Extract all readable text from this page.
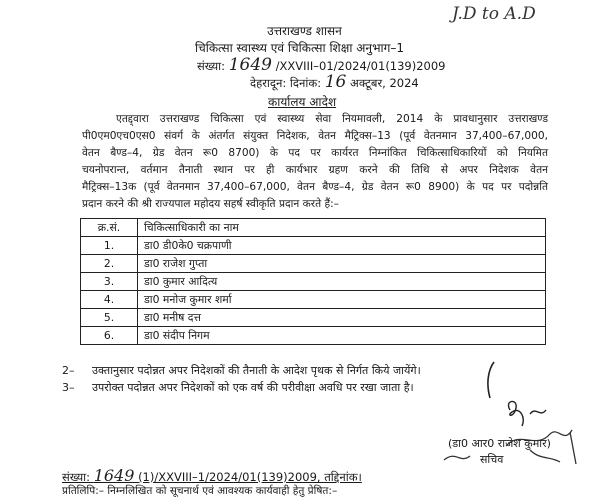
J.D to A.D
उत्तराखण्ड शासन
चिकित्सा स्वास्थ्य एवं चिकित्सा शिक्षा अनुभाग–1
संख्या: 1649 /XXVIII–01/2024/01(139)2009
देहरादून: दिनांक: 16 अक्टूबर, 2024
कार्यालय आदेश
एतद्द्वारा उत्तराखण्ड चिकित्सा एवं स्वास्थ्य सेवा नियमावली, 2014 के प्रावधानुसार उत्तराखण्ड
पी0एम0एच0एस0 संवर्ग के अंतर्गत संयुक्त निदेशक, वेतन मैट्रिक्स–13 (पूर्व वेतनमान 37,400–67,000,
वेतन बैण्ड–4, ग्रेड वेतन रू0 8700) के पद पर कार्यरत निम्नांकित चिकित्साधिकारियों को नियमित
चयनोपरान्त, वर्तमान तैनाती स्थान पर ही कार्यभार ग्रहण करने की तिथि से अपर निदेशक वेतन
मैट्रिक्स–13क (पूर्व वेतनमान 37,400–67,000, वेतन बैण्ड–4, ग्रेड वेतन रू0 8900) के पद पर पदोन्नति
प्रदान करने की श्री राज्यपाल महोदय सहर्ष स्वीकृति प्रदान करते हैं:–
क्र.सं.	चिकित्साधिकारी का नाम
1.	डा0 डी0के0 चक्रपाणी
2.	डा0 राजेश गुप्ता
3.	डा0 कुमार आदित्य
4.	डा0 मनोज कुमार शर्मा
5.	डा0 मनीष दत्त
6.	डा0 संदीप निगम
2– उक्तानुसार पदोन्नत अपर निदेशकों की तैनाती के आदेश पृथक से निर्गत किये जायेंगे।
3– उपरोक्त पदोन्नत अपर निदेशकों को एक वर्ष की परीवीक्षा अवधि पर रखा जाता है।
(डा0 आर0 राजेश कुमार)
सचिव
संख्या: 1649 (1)/XXVIII–1/2024/01(139)2009, तद्दिनांक।
प्रतिलिपि:– निम्नलिखित को सूचनार्थ एवं आवश्यक कार्यवाही हेतु प्रेषित:–
